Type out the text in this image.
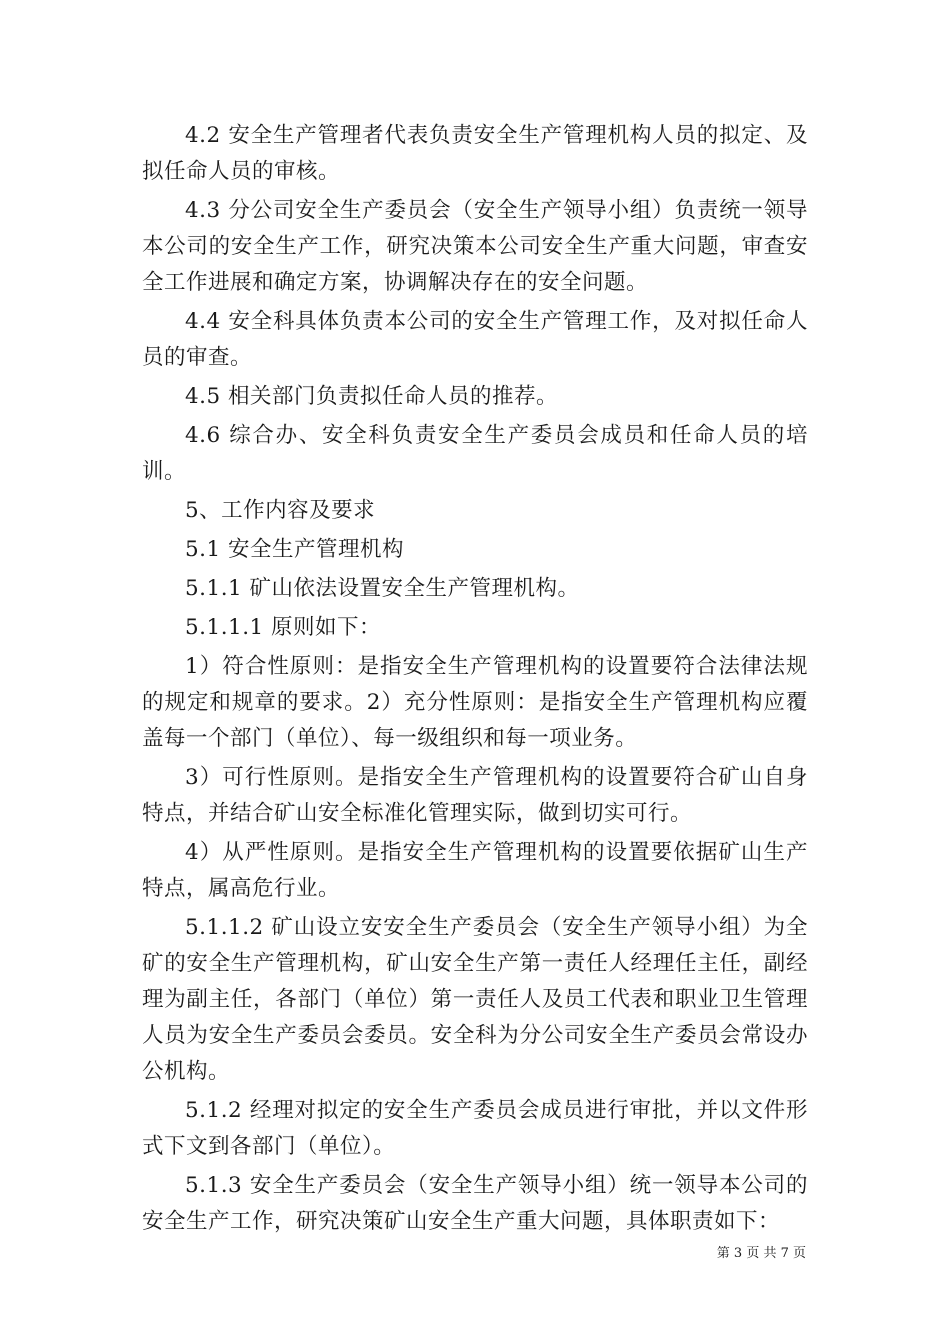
4.2 安全生产管理者代表负责安全生产管理机构人员的拟定、及拟任命人员的审核。

4.3 分公司安全生产委员会（安全生产领导小组）负责统一领导本公司的安全生产工作，研究决策本公司安全生产重大问题，审查安全工作进展和确定方案，协调解决存在的安全问题。

4.4 安全科具体负责本公司的安全生产管理工作，及对拟任命人员的审查。

4.5 相关部门负责拟任命人员的推荐。

4.6 综合办、安全科负责安全生产委员会成员和任命人员的培训。

5、工作内容及要求

5.1 安全生产管理机构

5.1.1 矿山依法设置安全生产管理机构。

5.1.1.1 原则如下：

1）符合性原则：是指安全生产管理机构的设置要符合法律法规的规定和规章的要求。2）充分性原则：是指安全生产管理机构应覆盖每一个部门（单位）、每一级组织和每一项业务。

3）可行性原则。是指安全生产管理机构的设置要符合矿山自身特点，并结合矿山安全标准化管理实际，做到切实可行。

4）从严性原则。是指安全生产管理机构的设置要依据矿山生产特点，属高危行业。

5.1.1.2 矿山设立安安全生产委员会（安全生产领导小组）为全矿的安全生产管理机构，矿山安全生产第一责任人经理任主任，副经理为副主任，各部门（单位）第一责任人及员工代表和职业卫生管理人员为安全生产委员会委员。安全科为分公司安全生产委员会常设办公机构。

5.1.2 经理对拟定的安全生产委员会成员进行审批，并以文件形式下文到各部门（单位）。

5.1.3 安全生产委员会（安全生产领导小组）统一领导本公司的安全生产工作，研究决策矿山安全生产重大问题，具体职责如下：

第 3 页 共 7 页
